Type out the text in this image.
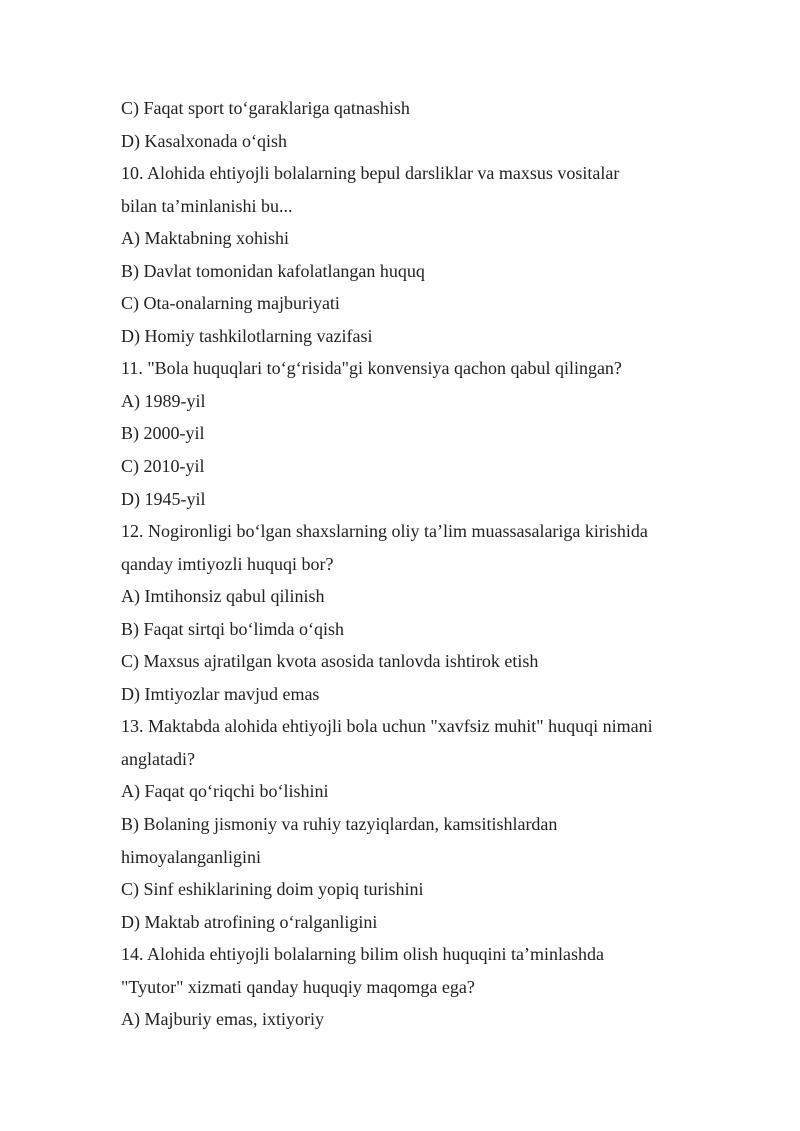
C) Faqat sport to‘garaklariga qatnashish
D) Kasalxonada o‘qish
10. Alohida ehtiyojli bolalarning bepul darsliklar va maxsus vositalar
bilan ta’minlanishi bu...
A) Maktabning xohishi
B) Davlat tomonidan kafolatlangan huquq
C) Ota-onalarning majburiyati
D) Homiy tashkilotlarning vazifasi
11. "Bola huquqlari to‘g‘risida"gi konvensiya qachon qabul qilingan?
A) 1989-yil
B) 2000-yil
C) 2010-yil
D) 1945-yil
12. Nogironligi bo‘lgan shaxslarning oliy ta’lim muassasalariga kirishida
qanday imtiyozli huquqi bor?
A) Imtihonsiz qabul qilinish
B) Faqat sirtqi bo‘limda o‘qish
C) Maxsus ajratilgan kvota asosida tanlovda ishtirok etish
D) Imtiyozlar mavjud emas
13. Maktabda alohida ehtiyojli bola uchun "xavfsiz muhit" huquqi nimani
anglatadi?
A) Faqat qo‘riqchi bo‘lishini
B) Bolaning jismoniy va ruhiy tazyiqlardan, kamsitishlardan
himoyalanganligini
C) Sinf eshiklarining doim yopiq turishini
D) Maktab atrofining o‘ralganligini
14. Alohida ehtiyojli bolalarning bilim olish huquqini ta’minlashda
"Tyutor" xizmati qanday huquqiy maqomga ega?
A) Majburiy emas, ixtiyoriy
